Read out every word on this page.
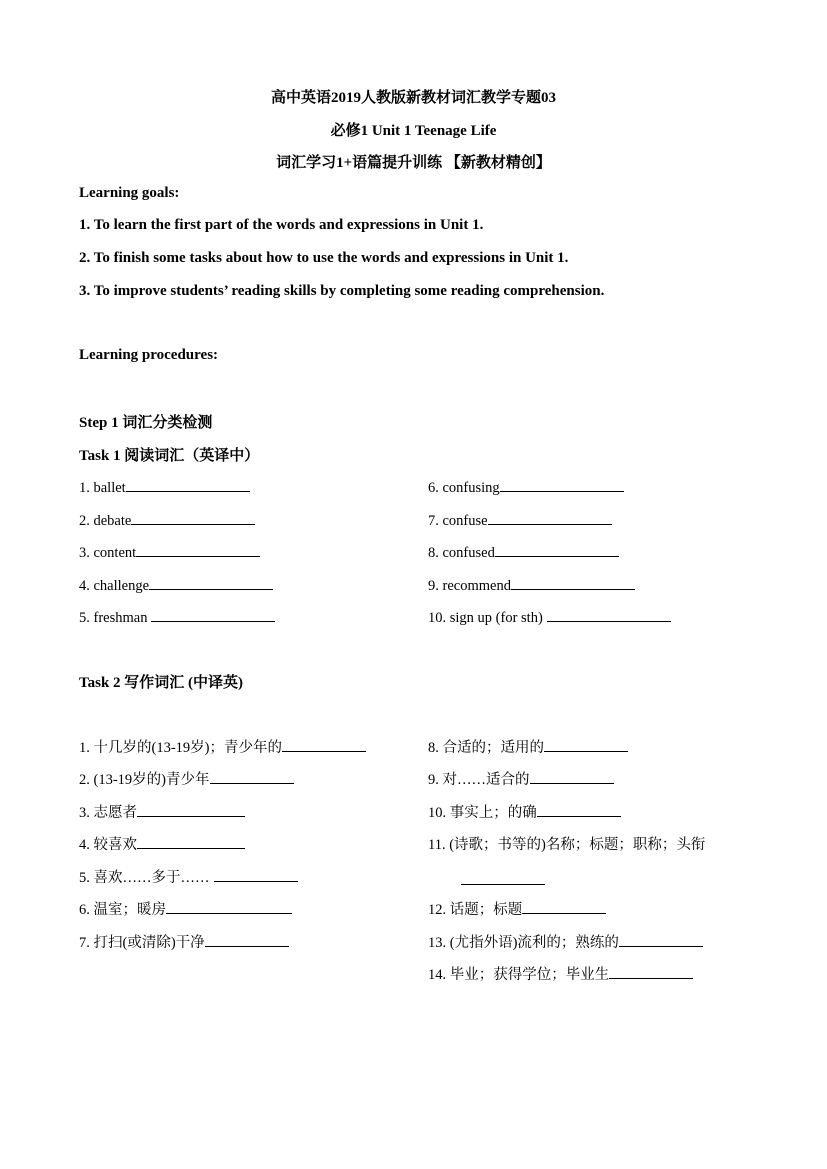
高中英语2019人教版新教材词汇教学专题03
必修1 Unit 1 Teenage Life
词汇学习1+语篇提升训练 【新教材精创】
Learning goals:
1. To learn the first part of the words and expressions in Unit 1.
2. To finish some tasks about how to use the words and expressions in Unit 1.
3. To improve students’ reading skills by completing some reading comprehension.
Learning procedures:
Step 1 词汇分类检测
Task 1 阅读词汇（英译中）
1. ballet
2. debate
3. content
4. challenge
5. freshman
6. confusing
7. confuse
8. confused
9. recommend
10. sign up (for sth)
Task 2 写作词汇 (中译英)
1. 十几岁的(13-19岁)；青少年的
2. (13-19岁的)青少年
3. 志愿者
4. 较喜欢
5. 喜欢……多于……
6. 温室；暖房
7. 打扫(或清除)干净
8. 合适的；适用的
9. 对……适合的
10. 事实上；的确
11. (诗歌；书等的)名称；标题；职称；头衔
12. 话题；标题
13. (尤指外语)流利的；熟练的
14. 毕业；获得学位；毕业生
